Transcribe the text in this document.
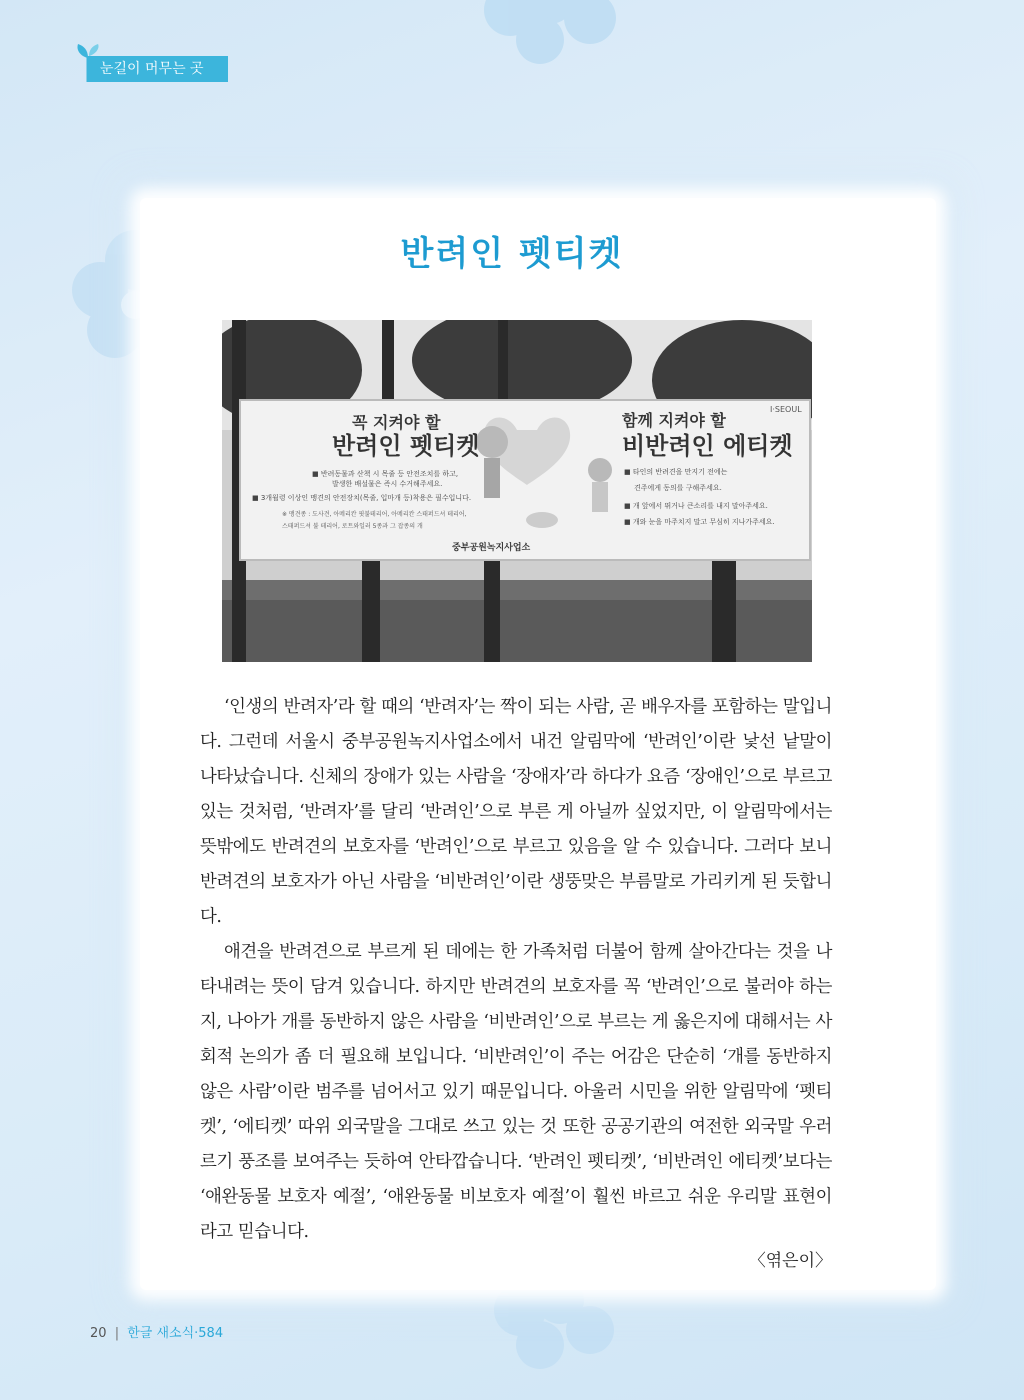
눈길이 머무는 곳
반려인 펫티켓
꼭 지켜야 할
반려인 펫티켓
■ 반려동물과 산책 시 목줄 등 안전조치를 하고,
발생한 배설물은 즉시 수거해주세요.
■ 3개월령 이상인 맹견의 안전장치(목줄, 입마개 등)착용은 필수입니다.
※ 맹견종 : 도사견, 아메리칸 핏불테리어, 아메리칸 스태퍼드셔 테리어,
스태퍼드셔 불 테리어, 로트와일러 5종과 그 잡종의 개
중부공원녹지사업소
I·SEOUL
함께 지켜야 할
비반려인 에티켓
■ 타인의 반려견을 만지기 전에는
견주에게 동의를 구해주세요.
■ 개 앞에서 뛰거나 큰소리를 내지 말아주세요.
■ 개와 눈을 마주치지 말고 무심히 지나가주세요.

‘인생의 반려자’라 할 때의 ‘반려자’는 짝이 되는 사람, 곧 배우자를 포함하는 말입니다. 그런데 서울시 중부공원녹지사업소에서 내건 알림막에 ‘반려인’이란 낯선 낱말이 나타났습니다. 신체의 장애가 있는 사람을 ‘장애자’라 하다가 요즘 ‘장애인’으로 부르고 있는 것처럼, ‘반려자’를 달리 ‘반려인’으로 부른 게 아닐까 싶었지만, 이 알림막에서는 뜻밖에도 반려견의 보호자를 ‘반려인’으로 부르고 있음을 알 수 있습니다. 그러다 보니 반려견의 보호자가 아닌 사람을 ‘비반려인’이란 생뚱맞은 부름말로 가리키게 된 듯합니다.

애견을 반려견으로 부르게 된 데에는 한 가족처럼 더불어 함께 살아간다는 것을 나타내려는 뜻이 담겨 있습니다. 하지만 반려견의 보호자를 꼭 ‘반려인’으로 불러야 하는지, 나아가 개를 동반하지 않은 사람을 ‘비반려인’으로 부르는 게 옳은지에 대해서는 사회적 논의가 좀 더 필요해 보입니다. ‘비반려인’이 주는 어감은 단순히 ‘개를 동반하지 않은 사람’이란 범주를 넘어서고 있기 때문입니다. 아울러 시민을 위한 알림막에 ‘펫티켓’, ‘에티켓’ 따위 외국말을 그대로 쓰고 있는 것 또한 공공기관의 여전한 외국말 우러르기 풍조를 보여주는 듯하여 안타깝습니다. ‘반려인 펫티켓’, ‘비반려인 에티켓’보다는 ‘애완동물 보호자 예절’, ‘애완동물 비보호자 예절’이 훨씬 바르고 쉬운 우리말 표현이라고 믿습니다.

〈엮은이〉
20 | 한글 새소식·584
